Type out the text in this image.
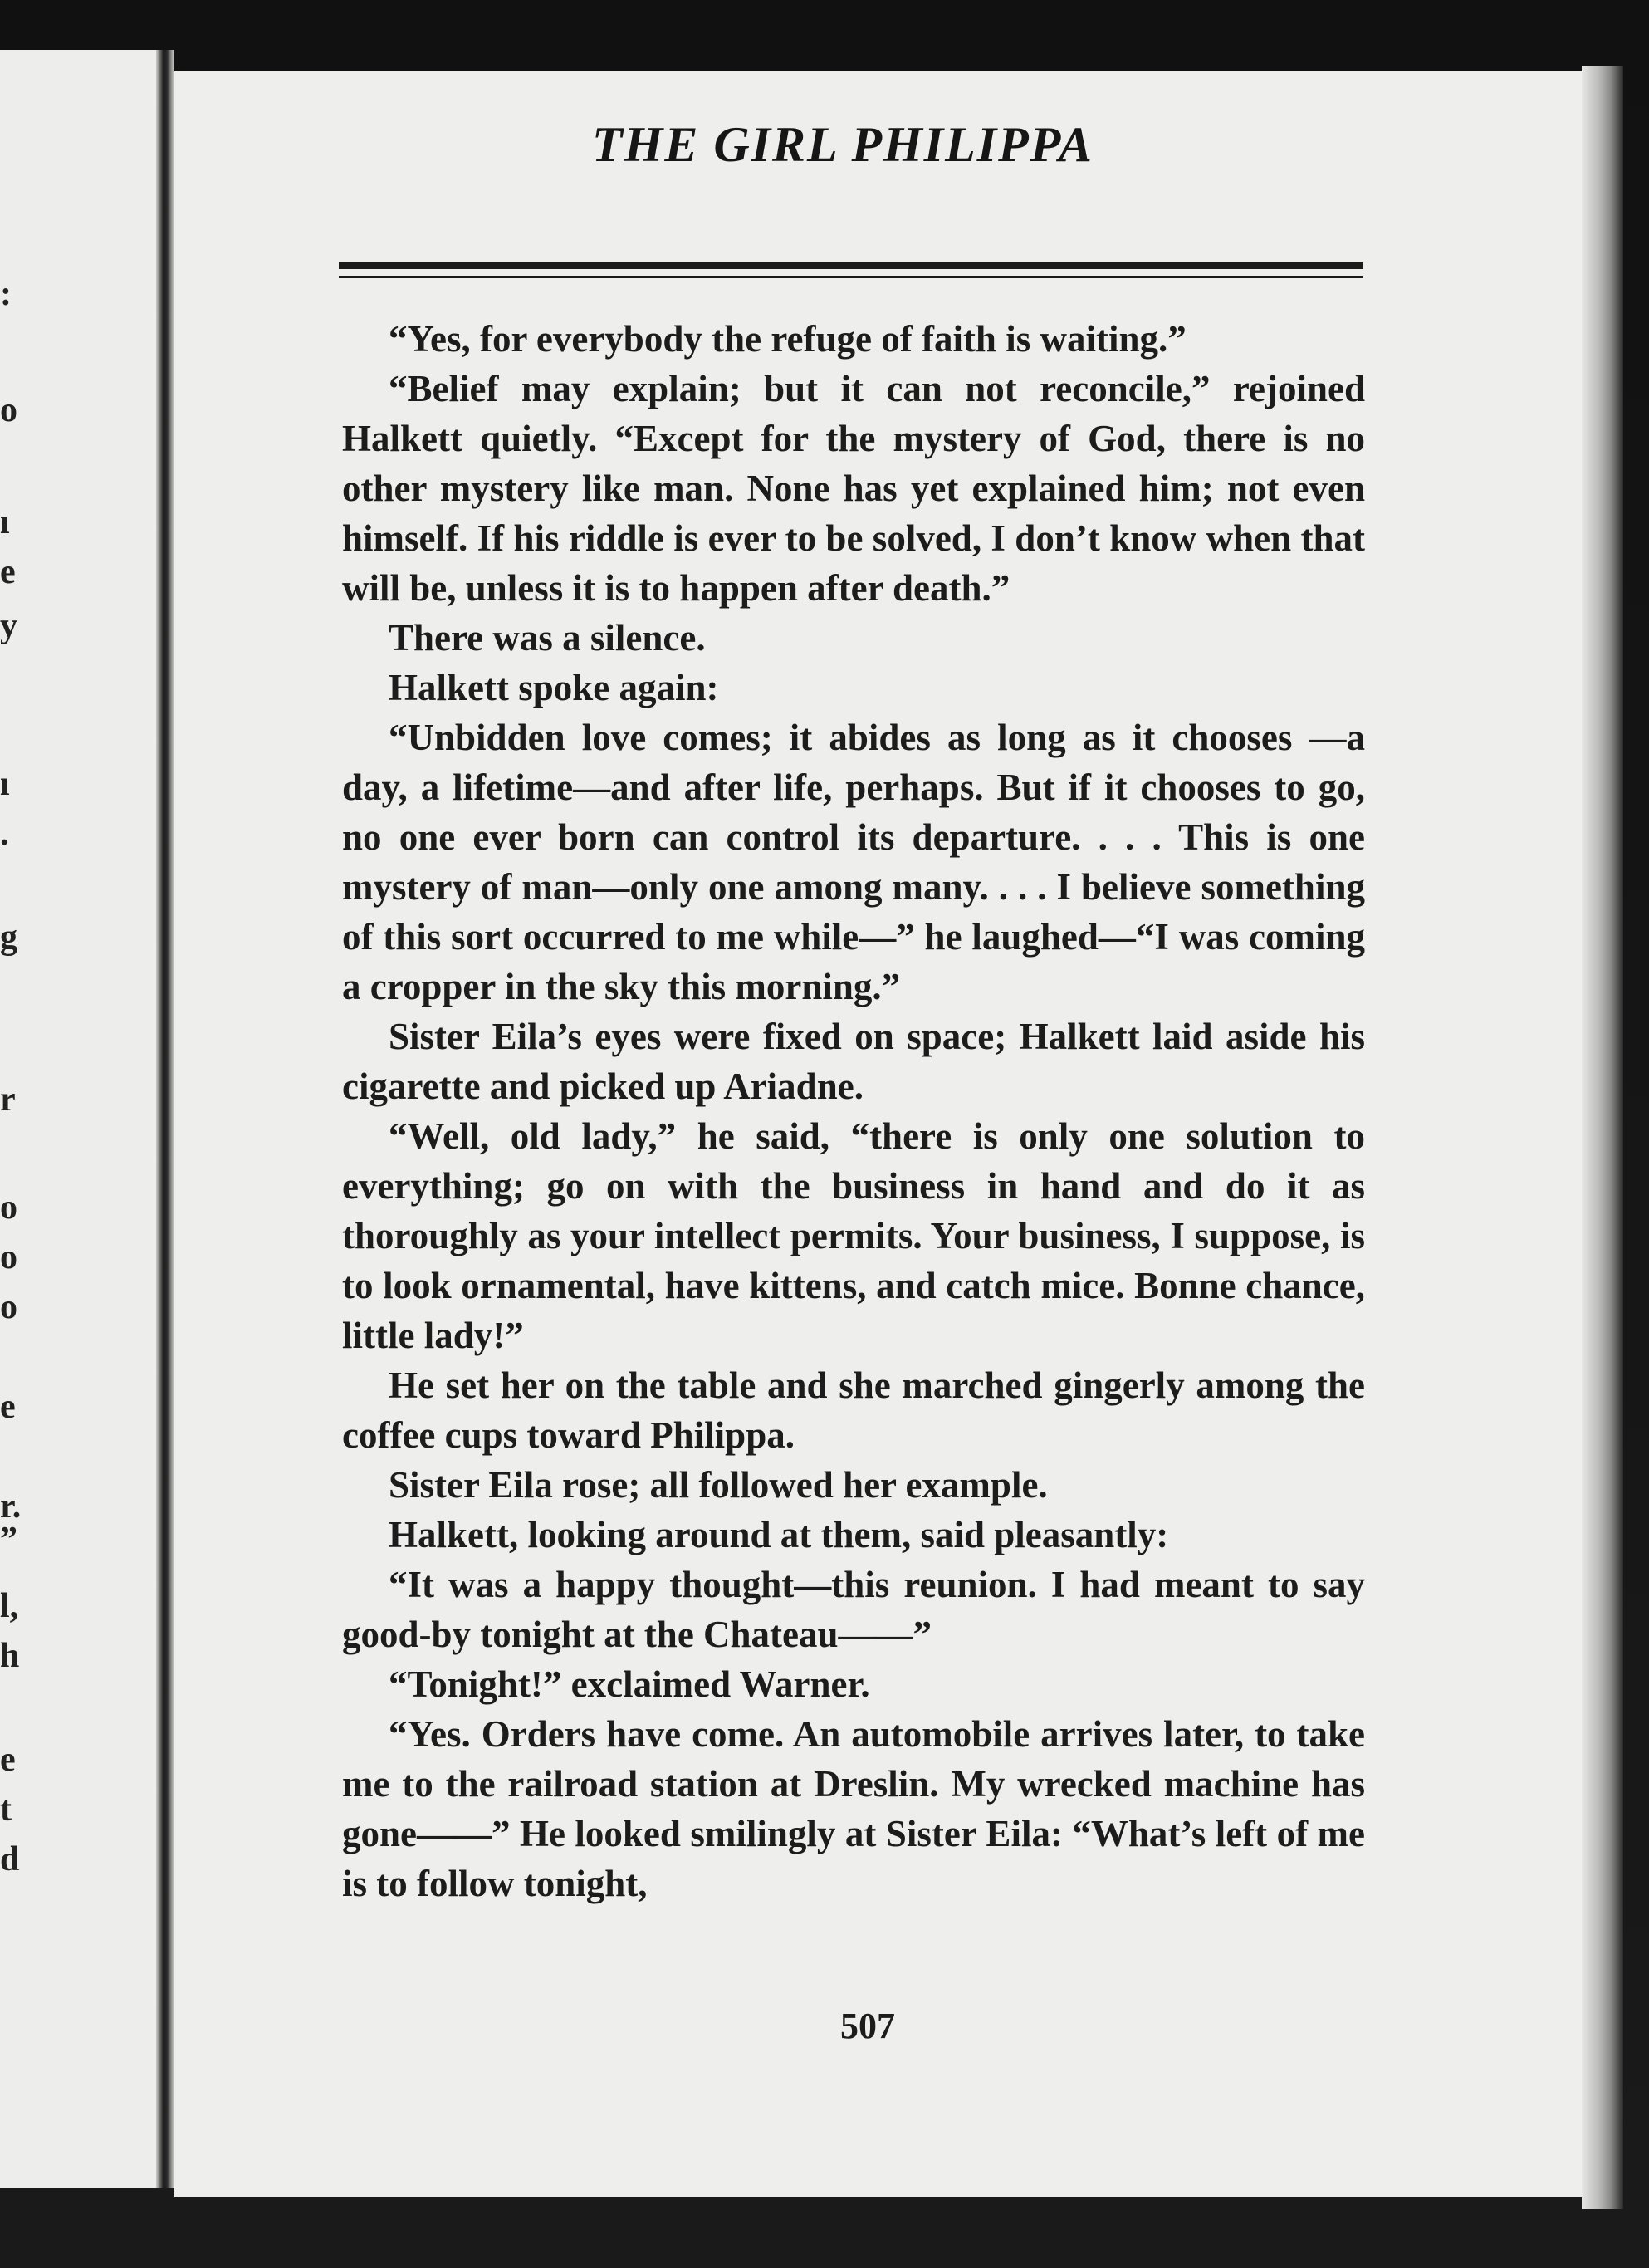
:
o
ı
e
y
ı
.
g
r
o
o
o
e
r.
”
l,
h
e
t
d
THE GIRL PHILIPPA

“Yes, for everybody the refuge of faith is waiting.”

“Belief may explain; but it can not reconcile,” rejoined Halkett quietly. “Except for the mystery of God, there is no other mystery like man. None has yet explained him; not even himself. If his riddle is ever to be solved, I don’t know when that will be, unless it is to happen after death.”

There was a silence.

Halkett spoke again:

“Unbidden love comes; it abides as long as it chooses —a day, a lifetime—and after life, perhaps. But if it chooses to go, no one ever born can control its departure. . . . This is one mystery of man—only one among many. . . . I believe something of this sort occurred to me while—” he laughed—“I was coming a cropper in the sky this morning.”

Sister Eila’s eyes were fixed on space; Halkett laid aside his cigarette and picked up Ariadne.

“Well, old lady,” he said, “there is only one solution to everything; go on with the business in hand and do it as thoroughly as your intellect permits. Your business, I suppose, is to look ornamental, have kittens, and catch mice. Bonne chance, little lady!”

He set her on the table and she marched gingerly among the coffee cups toward Philippa.

Sister Eila rose; all followed her example.

Halkett, looking around at them, said pleasantly:

“It was a happy thought—this reunion. I had meant to say good-by tonight at the Chateau——”

“Tonight!” exclaimed Warner.

“Yes. Orders have come. An automobile arrives later, to take me to the railroad station at Dreslin. My wrecked machine has gone——” He looked smilingly at Sister Eila: “What’s left of me is to follow tonight,

507
